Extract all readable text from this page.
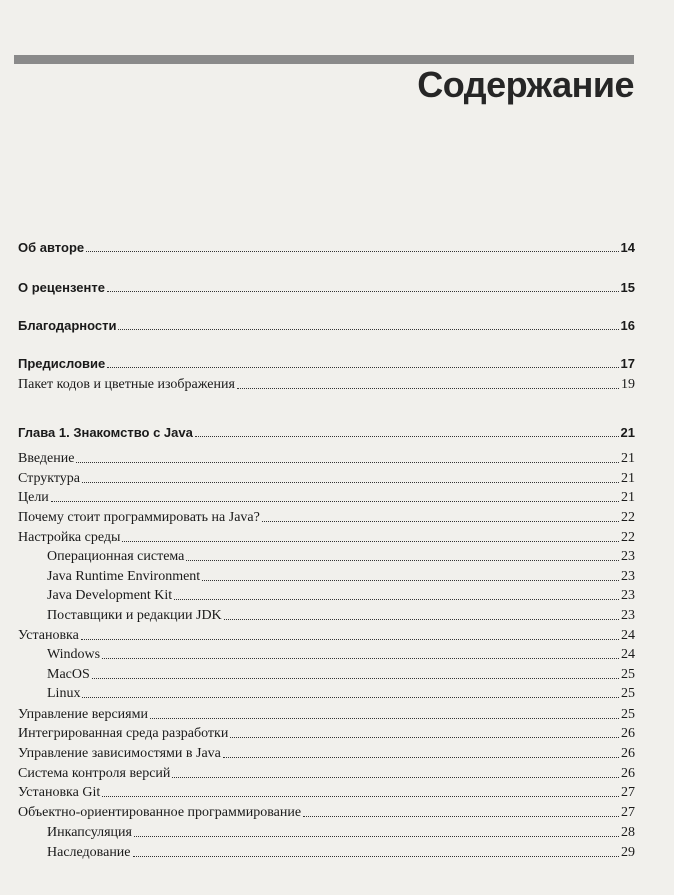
Содержание
Об авторе	14
О рецензенте	15
Благодарности	16
Предисловие	17
Пакет кодов и цветные изображения	19
Глава 1. Знакомство с Java	21
Введение	21
Структура	21
Цели	21
Почему стоит программировать на Java?	22
Настройка среды	22
Операционная система	23
Java Runtime Environment	23
Java Development Kit	23
Поставщики и редакции JDK	23
Установка	24
Windows	24
MacOS	25
Linux	25
Управление версиями	25
Интегрированная среда разработки	26
Управление зависимостями в Java	26
Система контроля версий	26
Установка Git	27
Объектно-ориентированное программирование	27
Инкапсуляция	28
Наследование	29
